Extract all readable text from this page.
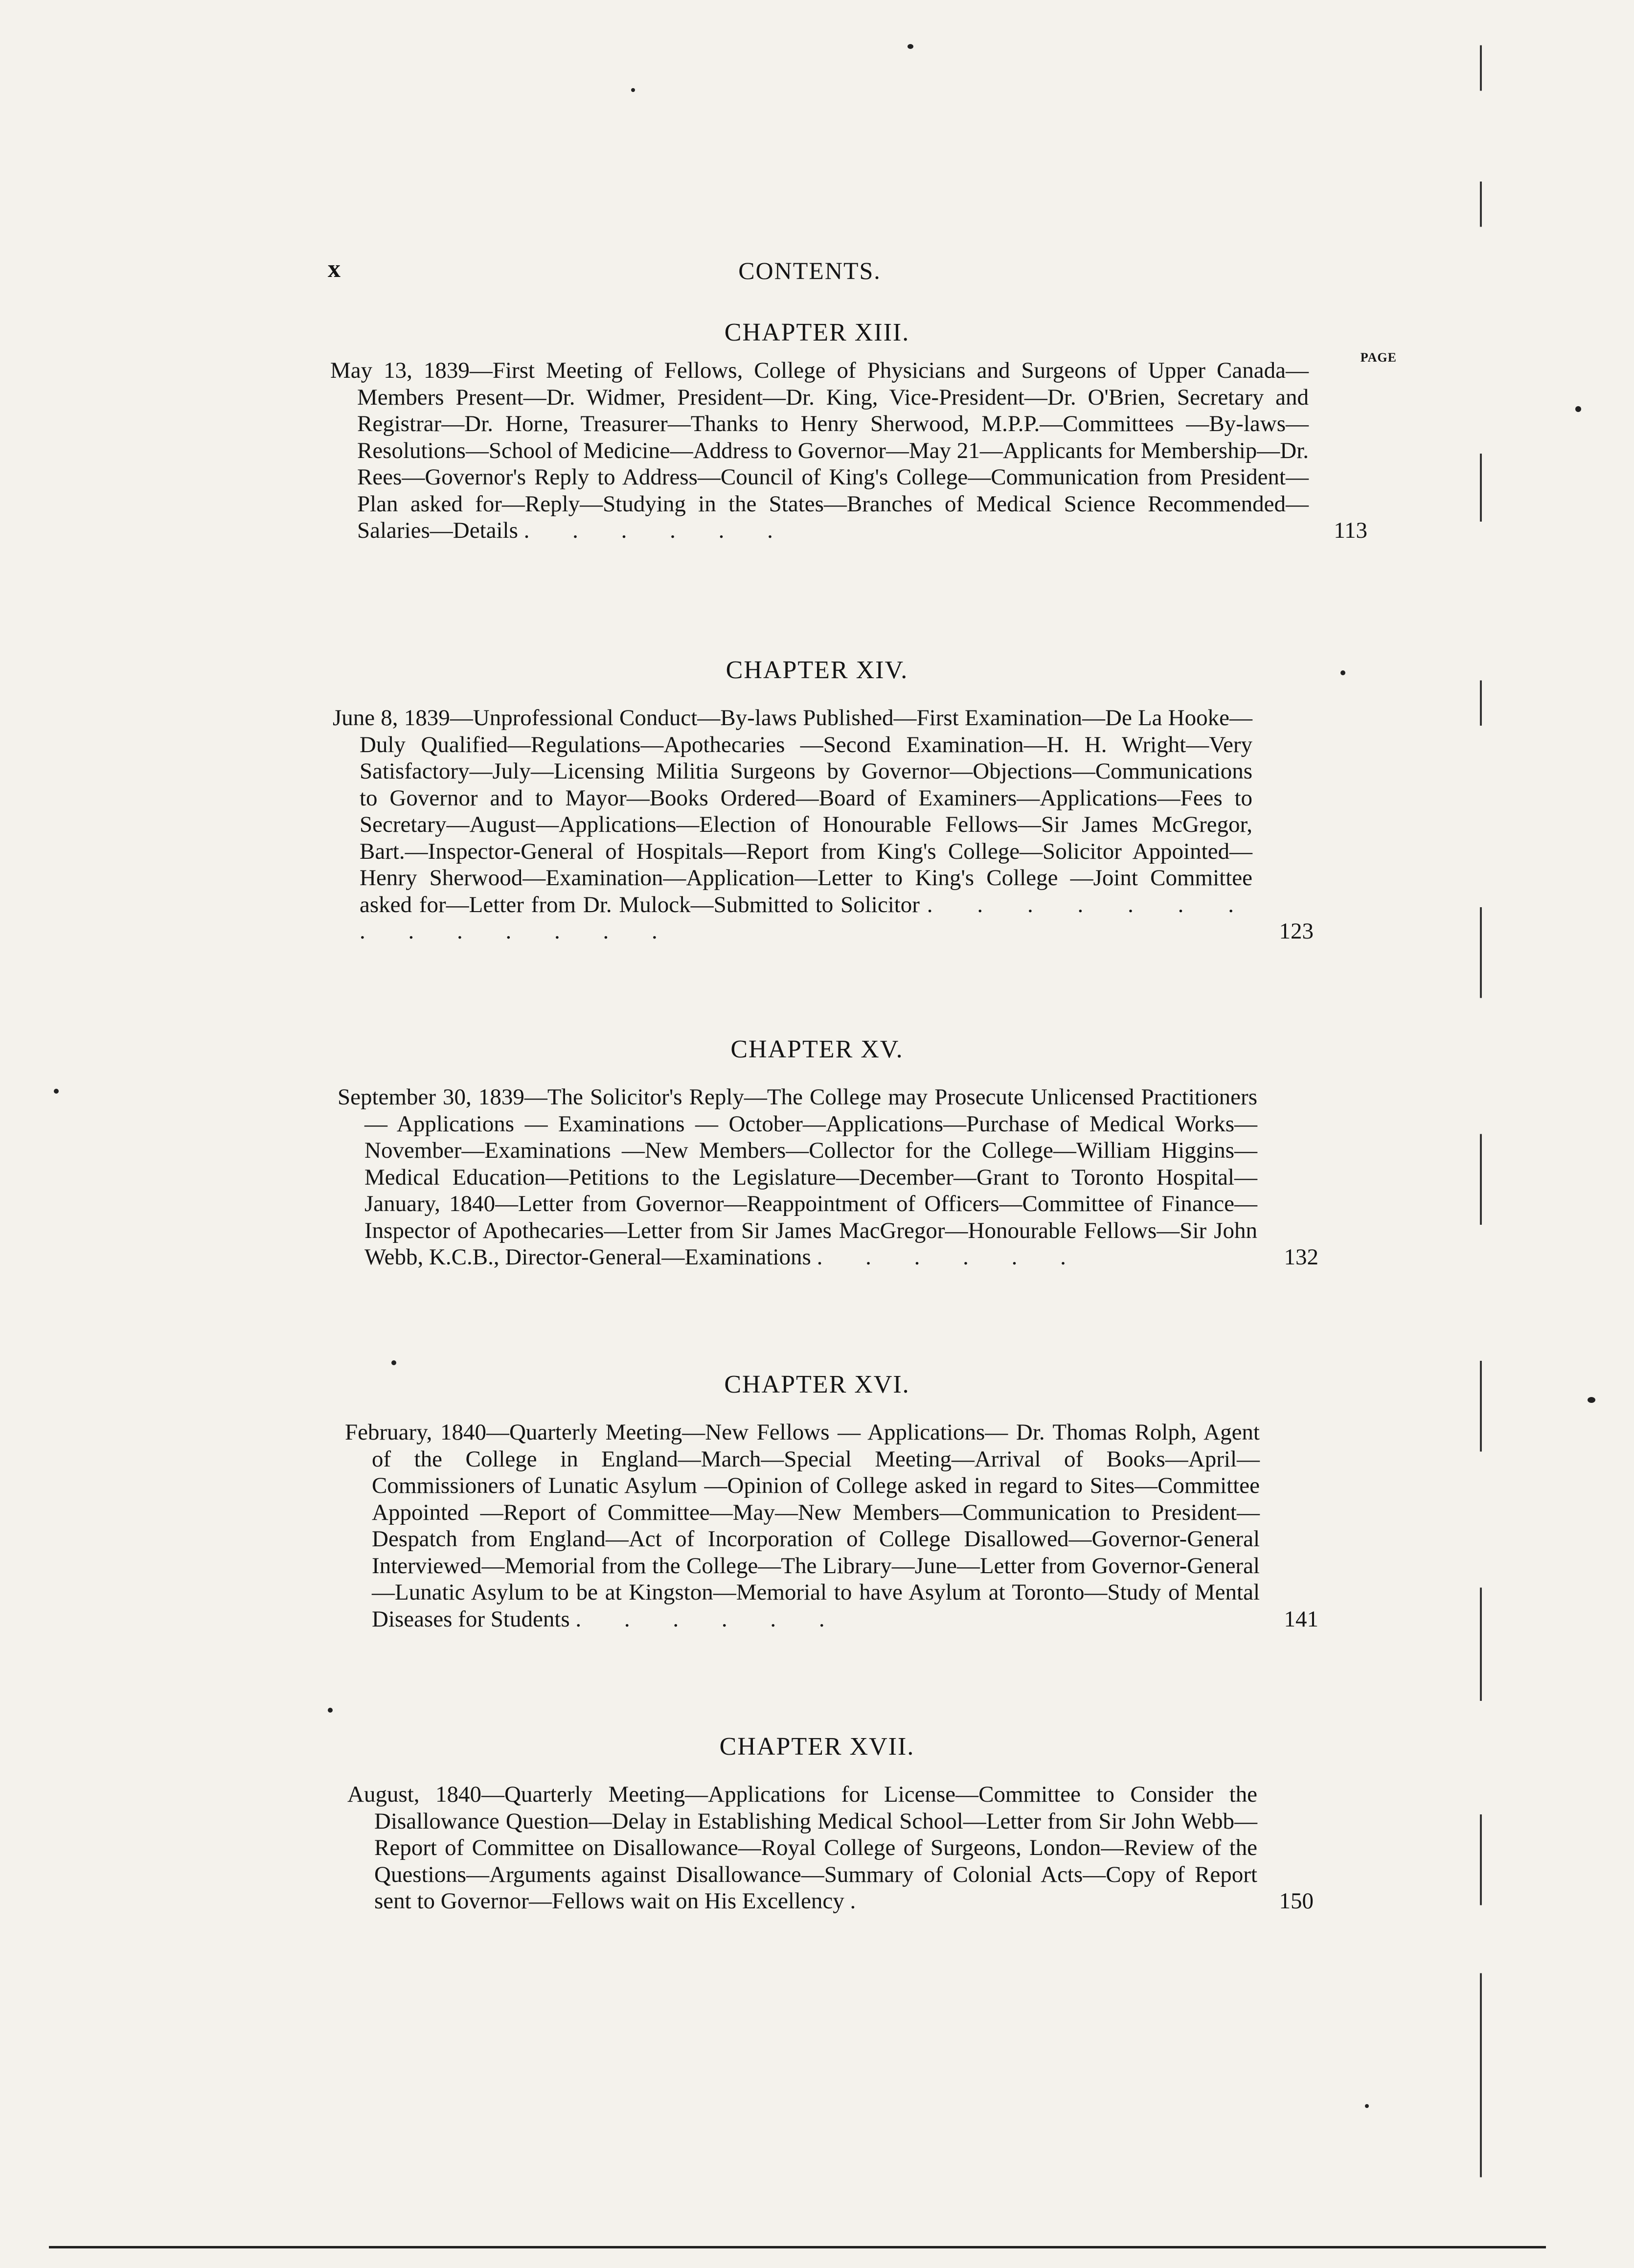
x	CONTENTS.
CHAPTER XIII.
PAGE

May 13, 1839—First Meeting of Fellows, College of Physicians and Surgeons of Upper Canada—Members Present—Dr. Widmer, President—Dr. King, Vice-President—Dr. O'Brien, Secretary and Registrar—Dr. Horne, Treasurer—Thanks to Henry Sherwood, M.P.P.—Committees —By-laws—Resolutions—School of Medicine—Address to Governor—May 21—Applicants for Membership—Dr. Rees—Governor's Reply to Address—Council of King's College—Communication from President—Plan asked for—Reply—Studying in the States—Branches of Medical Science Recommended—Salaries—Details . . . . . .	113
CHAPTER XIV.

June 8, 1839—Unprofessional Conduct—By-laws Published—First Examination—De La Hooke—Duly Qualified—Regulations—Apothecaries —Second Examination—H. H. Wright—Very Satisfactory—July—Licensing Militia Surgeons by Governor—Objections—Communications to Governor and to Mayor—Books Ordered—Board of Examiners—Applications—Fees to Secretary—August—Applications—Election of Honourable Fellows—Sir James McGregor, Bart.—Inspector-General of Hospitals—Report from King's College—Solicitor Appointed—Henry Sherwood—Examination—Application—Letter to King's College —Joint Committee asked for—Letter from Dr. Mulock—Submitted to Solicitor . . . . . . . . . . . . . .	123
CHAPTER XV.

September 30, 1839—The Solicitor's Reply—The College may Prosecute Unlicensed Practitioners — Applications — Examinations — October—Applications—Purchase of Medical Works—November—Examinations —New Members—Collector for the College—William Higgins—Medical Education—Petitions to the Legislature—December—Grant to Toronto Hospital—January, 1840—Letter from Governor—Reappointment of Officers—Committee of Finance—Inspector of Apothecaries—Letter from Sir James MacGregor—Honourable Fellows—Sir John Webb, K.C.B., Director-General—Examinations . . . . . .	132
CHAPTER XVI.

February, 1840—Quarterly Meeting—New Fellows — Applications— Dr. Thomas Rolph, Agent of the College in England—March—Special Meeting—Arrival of Books—April—Commissioners of Lunatic Asylum —Opinion of College asked in regard to Sites—Committee Appointed —Report of Committee—May—New Members—Communication to President—Despatch from England—Act of Incorporation of College Disallowed—Governor-General Interviewed—Memorial from the College—The Library—June—Letter from Governor-General—Lunatic Asylum to be at Kingston—Memorial to have Asylum at Toronto—Study of Mental Diseases for Students . . . . . .	141
CHAPTER XVII.

August, 1840—Quarterly Meeting—Applications for License—Committee to Consider the Disallowance Question—Delay in Establishing Medical School—Letter from Sir John Webb—Report of Committee on Disallowance—Royal College of Surgeons, London—Review of the Questions—Arguments against Disallowance—Summary of Colonial Acts—Copy of Report sent to Governor—Fellows wait on His Excellency .	150
